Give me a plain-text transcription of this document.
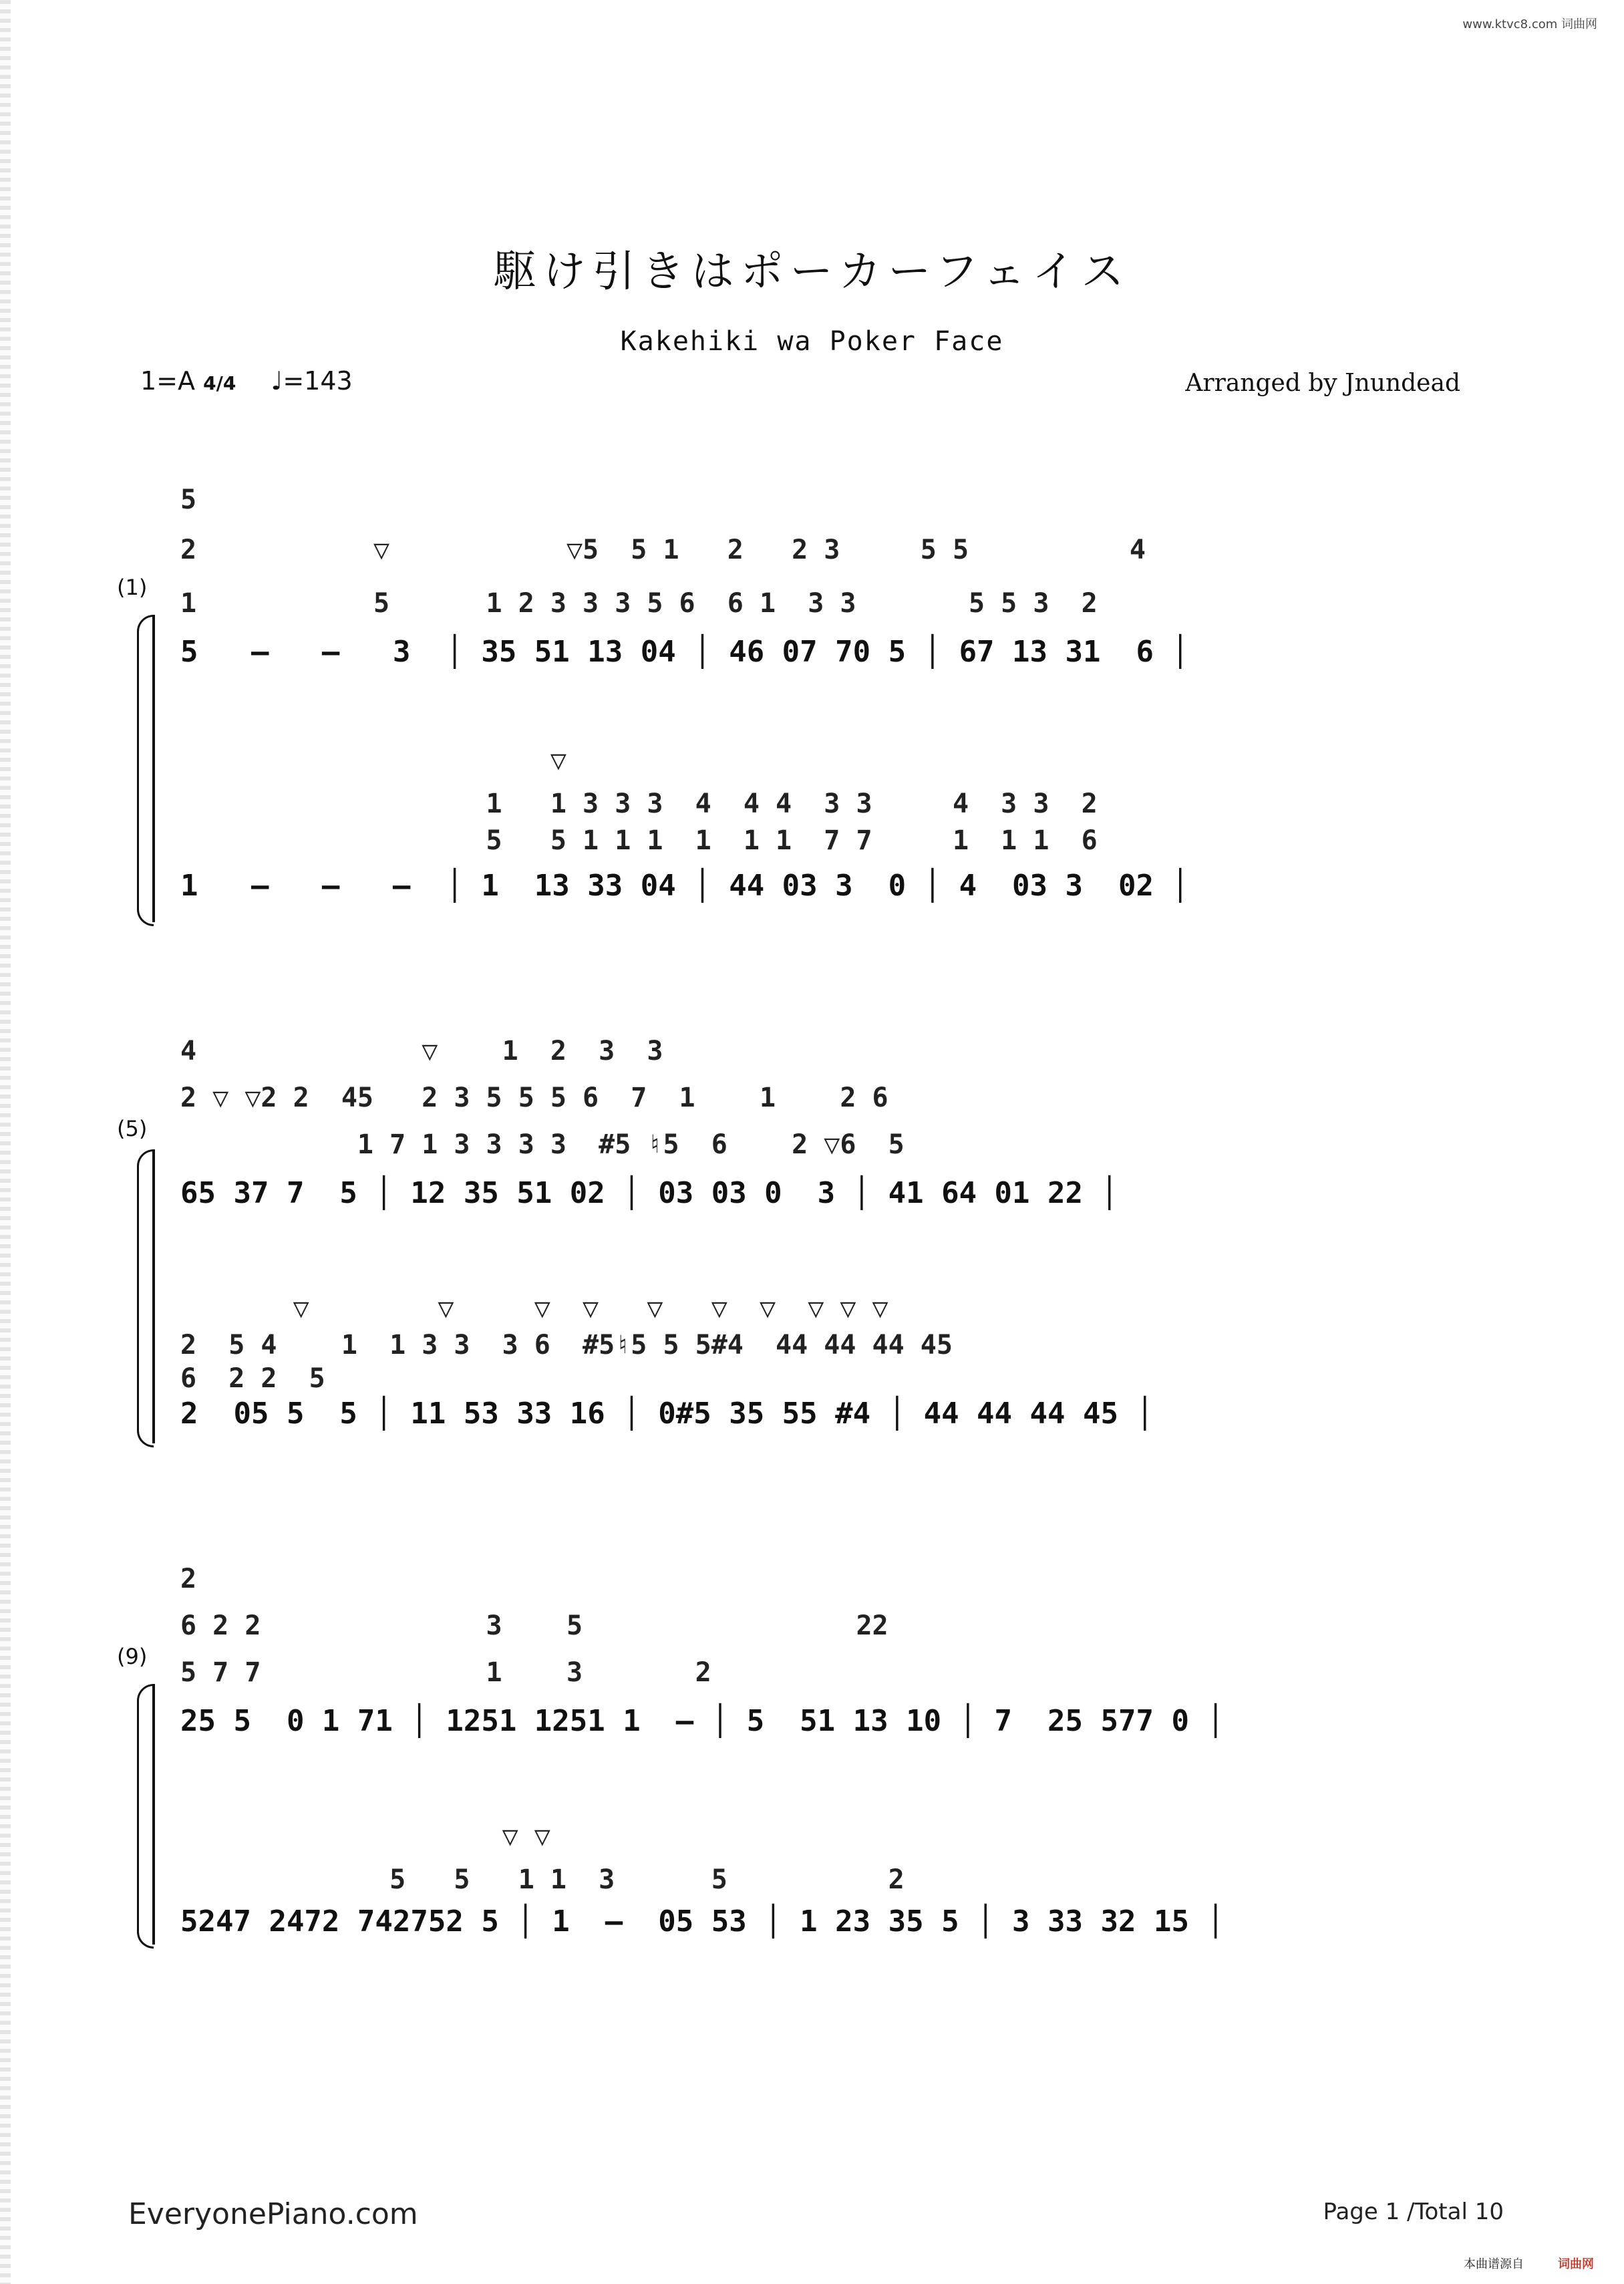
www.ktvc8.com 词曲网
駆け引きはポーカーフェイス
Kakehiki wa Poker Face
1=A 4/4 ♩=143	Arranged by Jnundead
(1)
5
2           ▽           ▽5  5 1   2   2 3     5 5          4
1           5      1 2 3 3 3 5 6  6 1  3 3       5 5 3  2
5   –   –   3  │ 35 51 13 04 │ 46 07 70 5 │ 67 13 31  6 │
▽
1   1 3 3 3  4  4 4  3 3     4  3 3  2
5   5 1 1 1  1  1 1  7 7     1  1 1  6
1   –   –   –  │ 1  13 33 04 │ 44 03 3  0 │ 4  03 3  02 │
(5)
4              ▽    1  2  3  3
2 ▽ ▽2 2  45   2 3 5 5 5 6  7  1    1    2 6
1 7 1 3 3 3 3  #5 ♮5  6    2 ▽6  5
65 37 7  5 │ 12 35 51 02 │ 03 03 0  3 │ 41 64 01 22 │
▽        ▽     ▽  ▽   ▽   ▽  ▽  ▽ ▽ ▽
2  5 4    1  1 3 3  3 6  #5♮5 5 5#4  44 44 44 45
6  2 2  5
2  05 5  5 │ 11 53 33 16 │ 0#5 35 55 #4 │ 44 44 44 45 │
(9)
2
6 2 2              3    5                 22
5 7 7              1    3       2
25 5  0 1 71 │ 1251 1251 1  – │ 5  51 13 10 │ 7  25 577 0 │
▽ ▽
5   5   1 1  3      5          2
5247 2472 742752 5 │ 1  –  05 53 │ 1 23 35 5 │ 3 33 32 15 │
EveryonePiano.com	Page 1 /Total 10
本曲谱源自	词曲网
